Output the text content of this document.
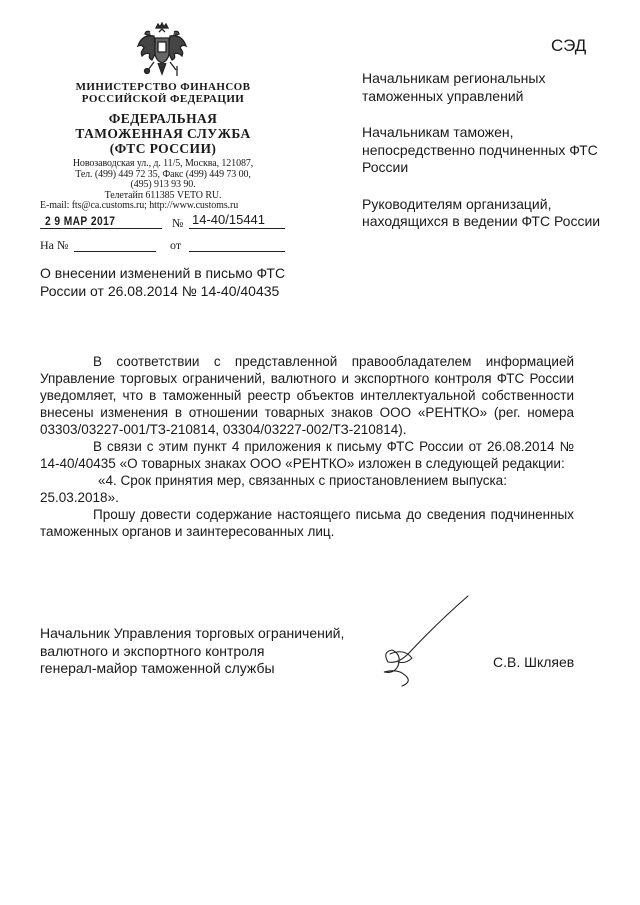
СЭД
МИНИСТЕРСТВО ФИНАНСОВ
РОССИЙСКОЙ ФЕДЕРАЦИИ
ФЕДЕРАЛЬНАЯ
ТАМОЖЕННАЯ СЛУЖБА
(ФТС РОССИИ)
Новозаводская ул., д. 11/5, Москва, 121087,
Тел. (499) 449 72 35, Факс (499) 449 73 00,
(495) 913 93 90.
Телетайп 611385 VETO RU.
E-mail: fts@ca.customs.ru; http://www.customs.ru
2 9 МАР 2017	№ 14-40/15441
На №	от
Начальникам региональных таможенных управлений
Начальникам таможен, непосредственно подчиненных ФТС России
Руководителям организаций, находящихся в ведении ФТС России
О внесении изменений в письмо ФТС России от 26.08.2014 № 14-40/40435

В соответствии с представленной правообладателем информацией Управление торговых ограничений, валютного и экспортного контроля ФТС России уведомляет, что в таможенный реестр объектов интеллектуальной собственности внесены изменения в отношении товарных знаков ООО «РЕНТКО» (рег. номера 03303/03227-001/ТЗ-210814, 03304/03227-002/ТЗ-210814).

В связи с этим пункт 4 приложения к письму ФТС России от 26.08.2014 № 14-40/40435 «О товарных знаках ООО «РЕНТКО» изложен в следующей редакции:

«4. Срок принятия мер, связанных с приостановлением выпуска: 25.03.2018».

Прошу довести содержание настоящего письма до сведения подчиненных таможенных органов и заинтересованных лиц.

Начальник Управления торговых ограничений,
валютного и экспортного контроля
генерал-майор таможенной службы	С.В. Шкляев
